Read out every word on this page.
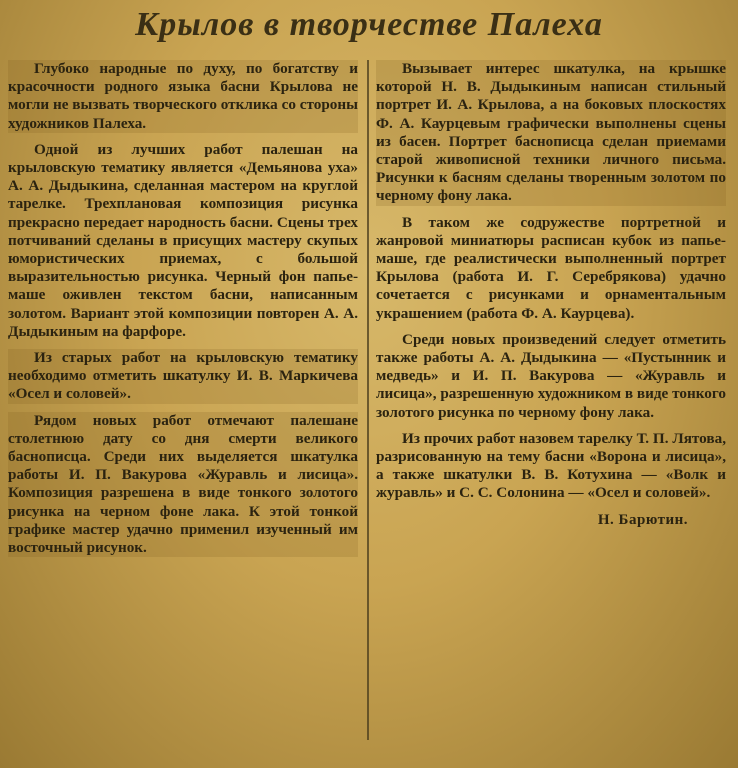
Крылов в творчестве Палеха

Глубоко народные по духу, по богатству и красочности родного языка басни Крылова не могли не вызвать творческого отклика со стороны художников Палеха.

Одной из лучших работ палешан на крыловскую тематику является «Демьянова уха» А. А. Дыдыкина, сделанная мастером на круглой тарелке. Трехплановая композиция рисунка прекрасно передает народность басни. Сцены трех потчиваний сделаны в присущих мастеру скупых юмористических приемах, с большой выразительностью рисунка. Черный фон папье-маше оживлен текстом басни, написанным золотом. Вариант этой композиции повторен А. А. Дыдыкиным на фарфоре.

Из старых работ на крыловскую тематику необходимо отметить шкатулку И. В. Маркичева «Осел и соловей».

Рядом новых работ отмечают палешане столетнюю дату со дня смерти великого баснописца. Среди них выделяется шкатулка работы И. П. Вакурова «Журавль и лисица». Композиция разрешена в виде тонкого золотого рисунка на черном фоне лака. К этой тонкой графике мастер удачно применил изученный им восточный рисунок.

Вызывает интерес шкатулка, на крышке которой Н. В. Дыдыкиным написан стильный портрет И. А. Крылова, а на боковых плоскостях Ф. А. Каурцевым графически выполнены сцены из басен. Портрет баснописца сделан приемами старой живописной техники личного письма. Рисунки к басням сделаны творенным золотом по черному фону лака.

В таком же содружестве портретной и жанровой миниатюры расписан кубок из папье-маше, где реалистически выполненный портрет Крылова (работа И. Г. Серебрякова) удачно сочетается с рисунками и орнаментальным украшением (работа Ф. А. Каурцева).

Среди новых произведений следует отметить также работы А. А. Дыдыкина — «Пустынник и медведь» и И. П. Вакурова — «Журавль и лисица», разрешенную художником в виде тонкого золотого рисунка по черному фону лака.

Из прочих работ назовем тарелку Т. П. Лятова, разрисованную на тему басни «Ворона и лисица», а также шкатулки В. В. Котухина — «Волк и журавль» и С. С. Солонина — «Осел и соловей».

Н. Барютин.
